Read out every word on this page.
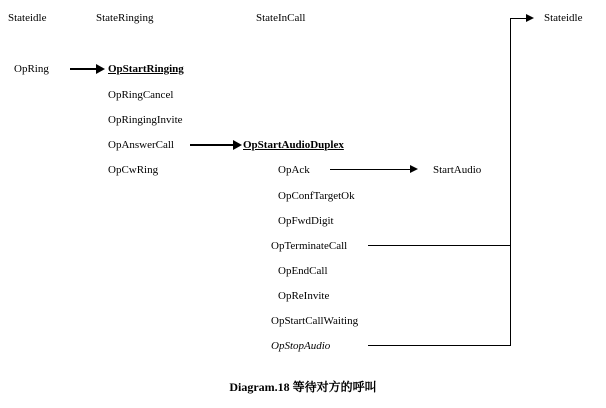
Stateidle	StateRinging	StateInCall	Stateidle
OpRing	OpStartRinging
OpRingCancel
OpRingingInvite
OpAnswerCall
OpCwRing
OpStartAudioDuplex
OpAck
OpConfTargetOk
OpFwdDigit
OpTerminateCall
OpEndCall
OpReInvite
OpStartCallWaiting
OpStopAudio
StartAudio
Diagram.18 等待对方的呼叫
